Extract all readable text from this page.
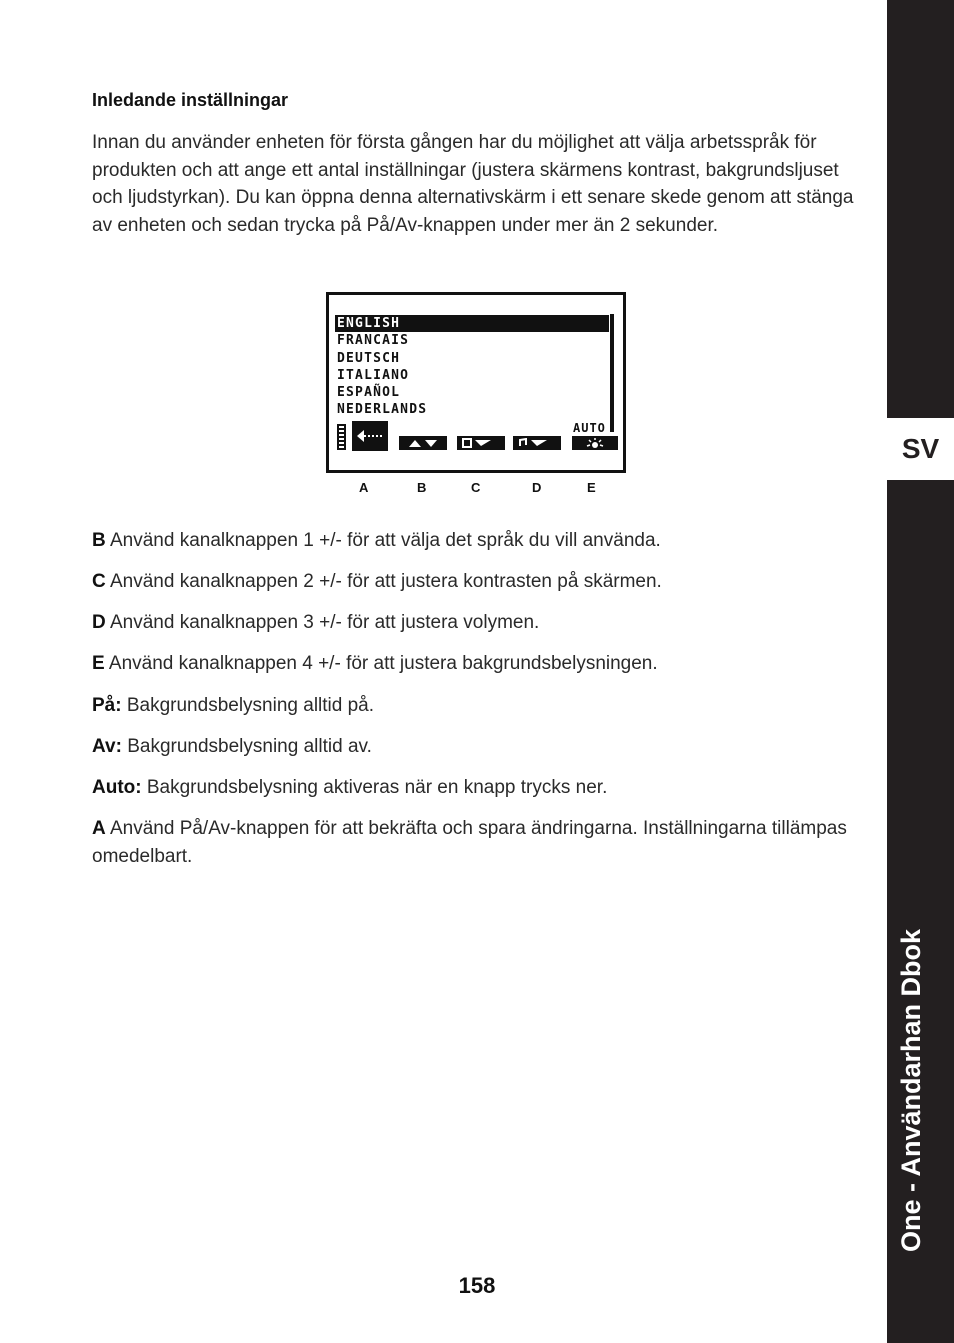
Inledande inställningar

Innan du använder enheten för första gången har du möjlighet att välja arbetsspråk för produkten och att ange ett antal inställningar (justera skärmens kontrast, bakgrundsljuset och ljudstyrkan). Du kan öppna denna alternativskärm i ett senare skede genom att stänga av enheten och sedan trycka på På/Av-knappen under mer än 2 sekunder.

ENGLISH
FRANCAIS
DEUTSCH
ITALIANO
ESPAÑOL
NEDERLANDS
AUTO
A	B	C	D	E

B Använd kanalknappen 1 +/- för att välja det språk du vill använda.

C Använd kanalknappen 2 +/- för att justera kontrasten på skärmen.

D Använd kanalknappen 3 +/- för att justera volymen.

E Använd kanalknappen 4 +/- för att justera bakgrundsbelysningen.

På: Bakgrundsbelysning alltid på.

Av: Bakgrundsbelysning alltid av.

Auto: Bakgrundsbelysning aktiveras när en knapp trycks ner.

A Använd På/Av-knappen för att bekräfta och spara ändringarna. Inställningarna tillämpas omedelbart.

SV
One - Användarhan Dbok
158
